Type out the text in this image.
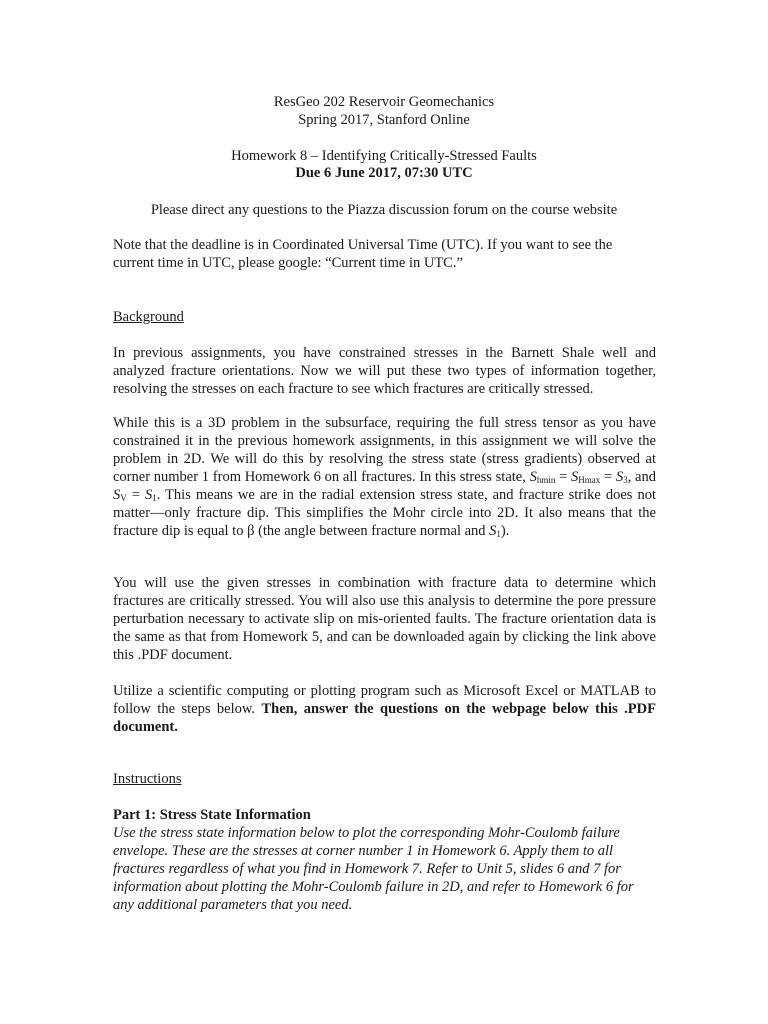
ResGeo 202 Reservoir Geomechanics
Spring 2017, Stanford Online
Homework 8 – Identifying Critically-Stressed Faults
Due 6 June 2017, 07:30 UTC
Please direct any questions to the Piazza discussion forum on the course website
Note that the deadline is in Coordinated Universal Time (UTC). If you want to see the current time in UTC, please google: “Current time in UTC.”
Background
In previous assignments, you have constrained stresses in the Barnett Shale well and analyzed fracture orientations. Now we will put these two types of information together, resolving the stresses on each fracture to see which fractures are critically stressed.
While this is a 3D problem in the subsurface, requiring the full stress tensor as you have constrained it in the previous homework assignments, in this assignment we will solve the problem in 2D. We will do this by resolving the stress state (stress gradients) observed at corner number 1 from Homework 6 on all fractures. In this stress state, $S_{hmin} = S_{Hmax} = S_3$, and $S_V = S_1$. This means we are in the radial extension stress state, and fracture strike does not matter—only fracture dip. This simplifies the Mohr circle into 2D. It also means that the fracture dip is equal to β (the angle between fracture normal and $S_1$).
You will use the given stresses in combination with fracture data to determine which fractures are critically stressed. You will also use this analysis to determine the pore pressure perturbation necessary to activate slip on mis-oriented faults. The fracture orientation data is the same as that from Homework 5, and can be downloaded again by clicking the link above this .PDF document.
Utilize a scientific computing or plotting program such as Microsoft Excel or MATLAB to follow the steps below. Then, answer the questions on the webpage below this .PDF document.
Instructions
Part 1: Stress State Information
Use the stress state information below to plot the corresponding Mohr-Coulomb failure envelope. These are the stresses at corner number 1 in Homework 6. Apply them to all fractures regardless of what you find in Homework 7. Refer to Unit 5, slides 6 and 7 for information about plotting the Mohr-Coulomb failure in 2D, and refer to Homework 6 for any additional parameters that you need.
